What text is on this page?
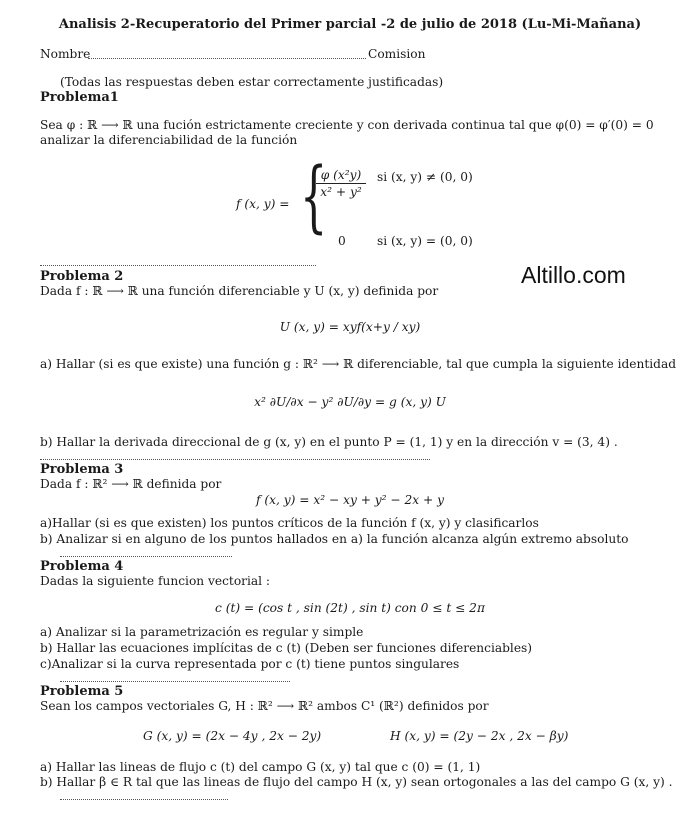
Analisis 2-Recuperatorio del Primer parcial -2 de julio de 2018 (Lu-Mi-Mañana)
Nombre	Comision
(Todas las respuestas deben estar correctamente justificadas)
Problema1
Sea φ : ℝ ⟶ ℝ una fución estrictamente creciente y con derivada continua tal que φ(0) = φ′(0) = 0
analizar la diferenciabilidad de la función
f (x, y) = {
φ (x²y)
x² + y²
si (x, y) ≠ (0, 0)
0	si (x, y) = (0, 0)
Altillo.com
Problema 2
Dada f : ℝ ⟶ ℝ una función diferenciable y U (x, y) definida por
U (x, y) = xyf(x+y / xy)
a) Hallar (si es que existe) una función g : ℝ² ⟶ ℝ diferenciable, tal que cumpla la siguiente identidad
x² ∂U/∂x − y² ∂U/∂y = g (x, y) U
b) Hallar la derivada direccional de g (x, y) en el punto P = (1, 1) y en la dirección v = (3, 4) .
Problema 3
Dada f : ℝ² ⟶ ℝ definida por
f (x, y) = x² − xy + y² − 2x + y
a)Hallar (si es que existen) los puntos críticos de la función f (x, y) y clasificarlos
b) Analizar si en alguno de los puntos hallados en a) la función alcanza algún extremo absoluto
Problema 4
Dadas la siguiente funcion vectorial :
c (t) = (cos t , sin (2t) , sin t) con 0 ≤ t ≤ 2π
a) Analizar si la parametrización es regular y simple
b) Hallar las ecuaciones implícitas de c (t) (Deben ser funciones diferenciables)
c)Analizar si la curva representada por c (t) tiene puntos singulares
Problema 5
Sean los campos vectoriales G, H : ℝ² ⟶ ℝ² ambos C¹ (ℝ²) definidos por
G (x, y) = (2x − 4y , 2x − 2y)	H (x, y) = (2y − 2x , 2x − βy)
a) Hallar las lineas de flujo c (t) del campo G (x, y) tal que c (0) = (1, 1)
b) Hallar β ∈ R tal que las lineas de flujo del campo H (x, y) sean ortogonales a las del campo G (x, y) .
